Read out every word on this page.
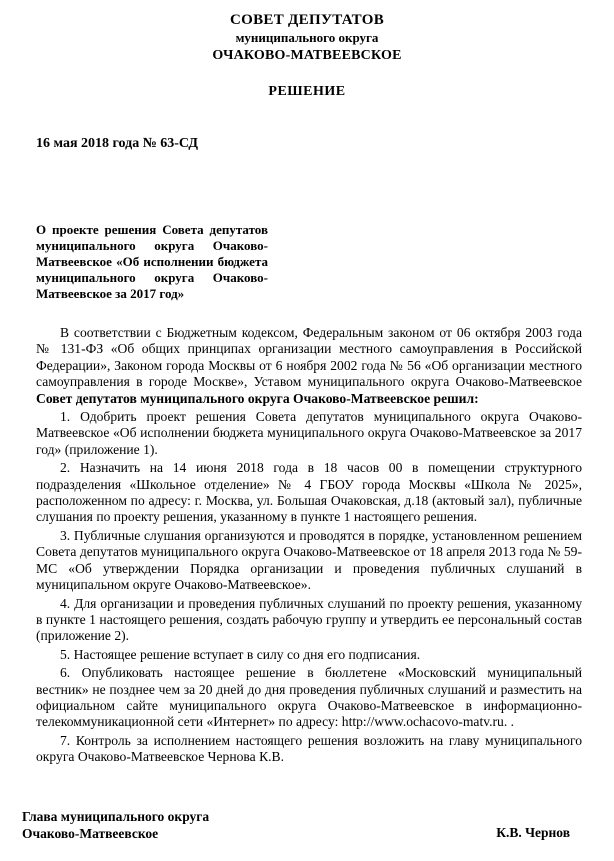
СОВЕТ ДЕПУТАТОВ
муниципального округа
ОЧАКОВО-МАТВЕЕВСКОЕ
РЕШЕНИЕ
16 мая 2018 года № 63-СД
О проекте решения Совета депутатов муниципального округа Очаково-Матвеевское «Об исполнении бюджета муниципального округа Очаково-Матвеевское за 2017 год»

В соответствии с Бюджетным кодексом, Федеральным законом от 06 октября 2003 года № 131-ФЗ «Об общих принципах организации местного самоуправления в Российской Федерации», Законом города Москвы от 6 ноября 2002 года № 56 «Об организации местного самоуправления в городе Москве», Уставом муниципального округа Очаково-Матвеевское Совет депутатов муниципального округа Очаково-Матвеевское решил:

1. Одобрить проект решения Совета депутатов муниципального округа Очаково-Матвеевское «Об исполнении бюджета муниципального округа Очаково-Матвеевское за 2017 год» (приложение 1).

2. Назначить на 14 июня 2018 года в 18 часов 00 в помещении структурного подразделения «Школьное отделение» № 4 ГБОУ города Москвы «Школа № 2025», расположенном по адресу: г. Москва, ул. Большая Очаковская, д.18 (актовый зал), публичные слушания по проекту решения, указанному в пункте 1 настоящего решения.

3. Публичные слушания организуются и проводятся в порядке, установленном решением Совета депутатов муниципального округа Очаково-Матвеевское от 18 апреля 2013 года № 59-МС «Об утверждении Порядка организации и проведения публичных слушаний в муниципальном округе Очаково-Матвеевское».

4. Для организации и проведения публичных слушаний по проекту решения, указанному в пункте 1 настоящего решения, создать рабочую группу и утвердить ее персональный состав (приложение 2).

5. Настоящее решение вступает в силу со дня его подписания.

6. Опубликовать настоящее решение в бюллетене «Московский муниципальный вестник» не позднее чем за 20 дней до дня проведения публичных слушаний и разместить на официальном сайте муниципального округа Очаково-Матвеевское в информационно-телекоммуникационной сети «Интернет» по адресу: http://www.ochacovo-matv.ru. .

7. Контроль за исполнением настоящего решения возложить на главу муниципального округа Очаково-Матвеевское Чернова К.В.

Глава муниципального округа
Очаково-Матвеевское	К.В. Чернов
